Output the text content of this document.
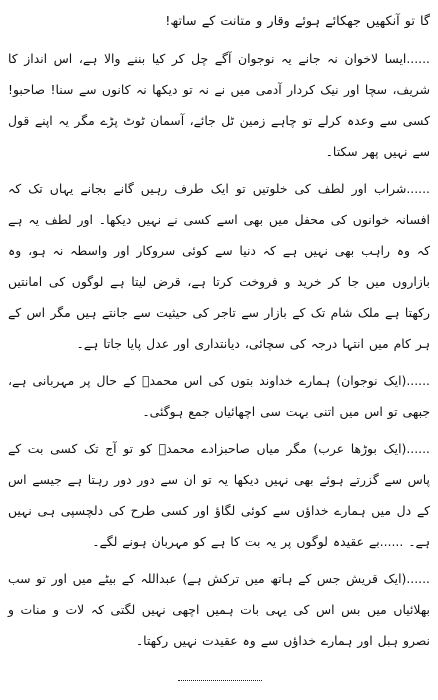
گا تو آنکھیں جھکائے ہوئے وقار و متانت کے ساتھ!

......ایسا لاخوان نہ جانے یہ نوجوان آگے چل کر کیا بننے والا ہے، اس انداز کا شریف، سچا اور نیک کردار آدمی میں نے نہ تو دیکھا نہ کانوں سے سنا! صاحبو! کسی سے وعدہ کرلے تو چاہے زمین ٹل جائے، آسمان ٹوٹ پڑے مگر یہ اپنے قول سے نہیں پھر سکتا۔

......شراب اور لطف کی خلوتیں تو ایک طرف رہیں گانے بجانے یہاں تک کہ افسانہ خوانوں کی محفل میں بھی اسے کسی نے نہیں دیکھا۔ اور لطف یہ ہے کہ وہ راہب بھی نہیں ہے کہ دنیا سے کوئی سروکار اور واسطہ نہ ہو، وہ بازاروں میں جا کر خرید و فروخت کرتا ہے، قرض لیتا ہے لوگوں کی امانتیں رکھتا ہے ملک شام تک کے بازار سے تاجر کی حیثیت سے جانتے ہیں مگر اس کے ہر کام میں انتہا درجہ کی سچائی، دیانتداری اور عدل پایا جاتا ہے۔

......(ایک نوجوان) ہمارے خداوند بتوں کی اس محمدؐ کے حال پر مہربانی ہے، جبھی تو اس میں اتنی بہت سی اچھائیاں جمع ہوگئی۔

......(ایک بوڑھا عرب) مگر میاں صاحبزادے محمدؐ کو تو آج تک کسی بت کے پاس سے گزرتے ہوئے بھی نہیں دیکھا یہ تو ان سے دور دور رہتا ہے جیسے اس کے دل میں ہمارے خداؤں سے کوئی لگاؤ اور کسی طرح کی دلچسپی ہی نہیں ہے۔ ......بے عقیدہ لوگوں پر یہ بت کا ہے کو مہربان ہونے لگے۔

......(ایک قریش جس کے ہاتھ میں ترکش ہے) عبداللہ کے بیٹے میں اور تو سب بھلائیاں میں بس اس کی یہی بات ہمیں اچھی نہیں لگتی کہ لات و منات و نصرو ہبل اور ہمارے خداؤں سے وہ عقیدت نہیں رکھتا۔
